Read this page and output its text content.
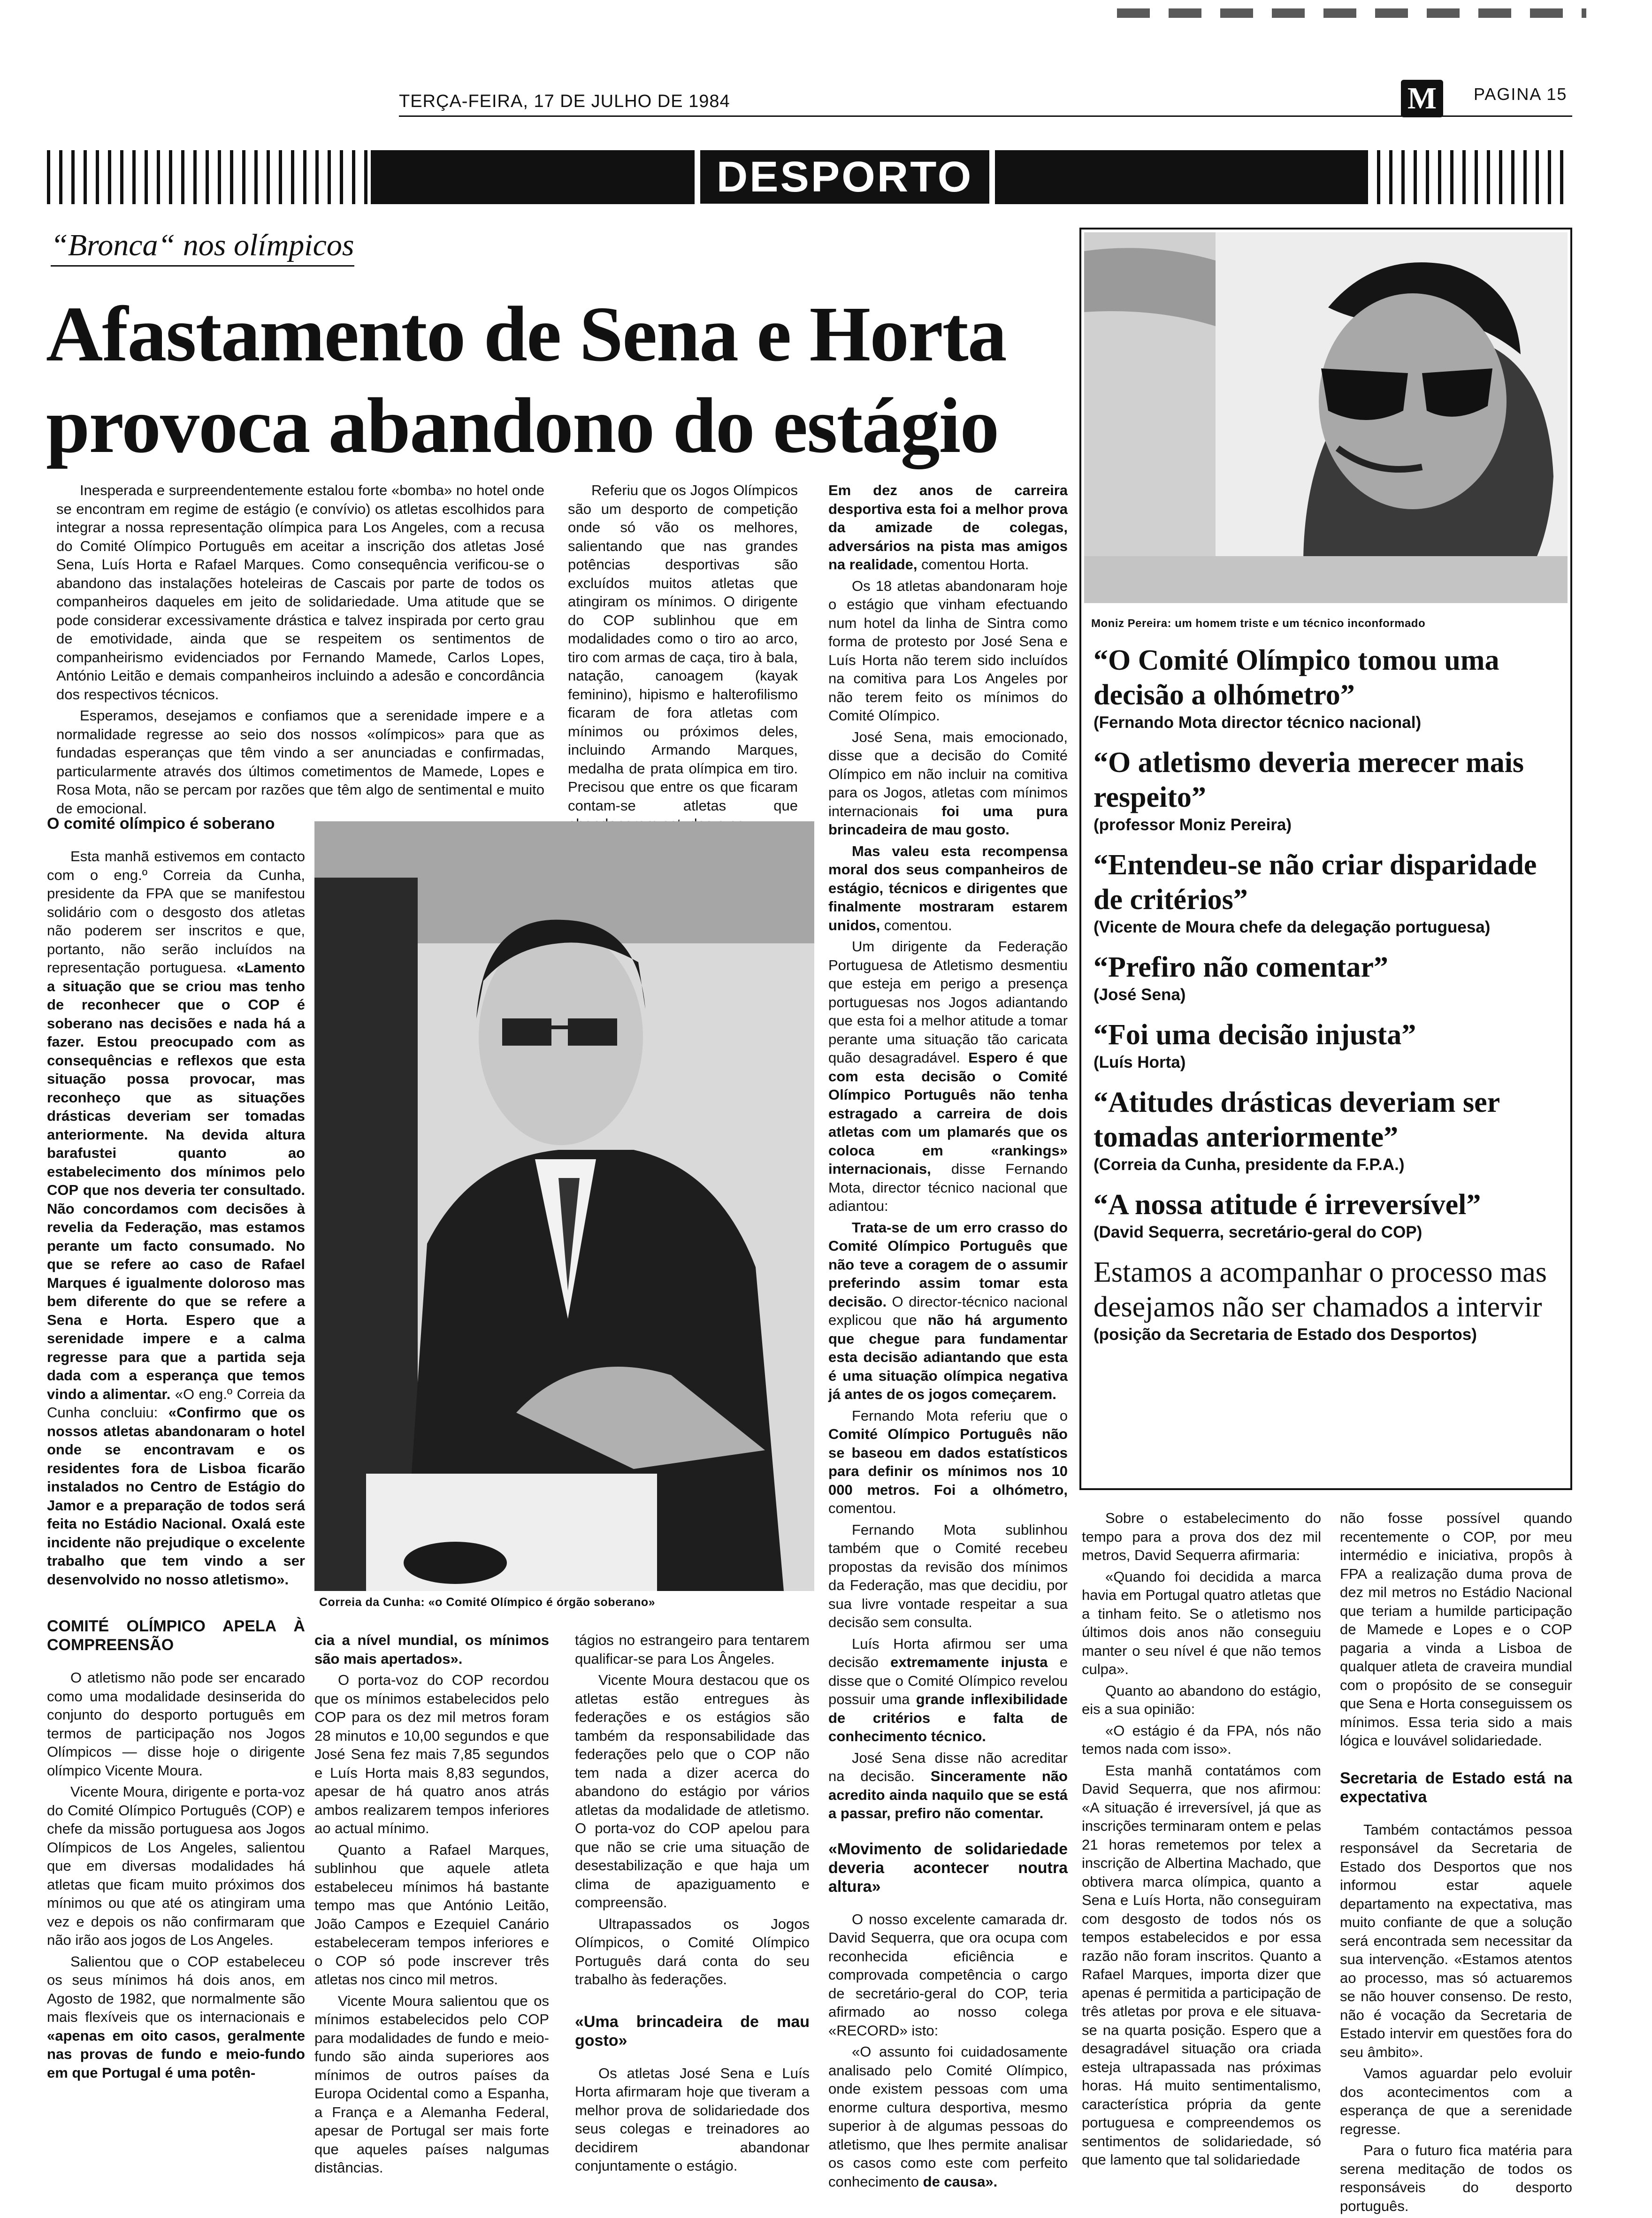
TERÇA-FEIRA, 17 DE JULHO DE 1984	M	PAGINA 15
DESPORTO
“Bronca“ nos olímpicos
Afastamento de Sena e Horta
provoca abandono do estágio

Inesperada e surpreendentemente estalou forte «bomba» no hotel onde se encontram em regime de estágio (e convívio) os atletas escolhidos para integrar a nossa representação olímpica para Los Angeles, com a recusa do Comité Olímpico Português em aceitar a inscrição dos atletas José Sena, Luís Horta e Rafael Marques. Como consequência verificou-se o abandono das instalações hoteleiras de Cascais por parte de todos os companheiros daqueles em jeito de solidariedade. Uma atitude que se pode considerar excessivamente drástica e talvez inspirada por certo grau de emotividade, ainda que se respeitem os sentimentos de companheirismo evidenciados por Fernando Mamede, Carlos Lopes, António Leitão e demais companheiros incluindo a adesão e concordância dos respectivos técnicos.

Esperamos, desejamos e confiamos que a serenidade impere e a normalidade regresse ao seio dos nossos «olímpicos» para que as fundadas esperanças que têm vindo a ser anunciadas e confirmadas, particularmente através dos últimos cometimentos de Mamede, Lopes e Rosa Mota, não se percam por razões que têm algo de sentimental e muito de emocional.

Referiu que os Jogos Olímpicos são um desporto de competição onde só vão os melhores, salientando que nas grandes potências desportivas são excluídos muitos atletas que atingiram os mínimos. O dirigente do COP sublinhou que em modalidades como o tiro ao arco, tiro com armas de caça, tiro à bala, natação, canoagem (kayak feminino), hipismo e halterofilismo ficaram de fora atletas com mínimos ou próximos deles, incluindo Armando Marques, medalha de prata olímpica em tiro. Precisou que entre os que ficaram contam-se atletas que

O comité olímpico é soberano

Esta manhã estivemos em contacto com o eng.º Correia da Cunha, presidente da FPA que se manifestou solidário com o desgosto dos atletas não poderem ser inscritos e que, portanto, não serão incluídos na representação portuguesa. «Lamento a situação que se criou mas tenho de reconhecer que o COP é soberano nas decisões e nada há a fazer. Estou preocupado com as consequências e reflexos que esta situação possa provocar, mas reconheço que as situações drásticas deveriam ser tomadas anteriormente. Na devida altura barafustei quanto ao estabelecimento dos mínimos pelo COP que nos deveria ter consultado. Não concordamos com decisões à revelia da Federação, mas estamos perante um facto consumado. No que se refere ao caso de Rafael Marques é igualmente doloroso mas bem diferente do que se refere a Sena e Horta. Espero que a serenidade impere e a calma regresse para que a partida seja dada com a esperança que temos vindo a alimentar. «O eng.º Correia da Cunha concluiu: «Confirmo que os nossos atletas abandonaram o hotel onde se encontravam e os residentes fora de Lisboa ficarão instalados no Centro de Estágio do Jamor e a preparação de todos será feita no Estádio Nacional. Oxalá este incidente não prejudique o excelente trabalho que tem vindo a ser desenvolvido no nosso atletismo».

COMITÉ OLÍMPICO APELA À COMPREENSÃO

O atletismo não pode ser encarado como uma modalidade desinserida do conjunto do desporto português em termos de participação nos Jogos Olímpicos — disse hoje o dirigente olímpico Vicente Moura.

Vicente Moura, dirigente e porta-voz do Comité Olímpico Português (COP) e chefe da missão portuguesa aos Jogos Olímpicos de Los Angeles, salientou que em diversas modalidades há atletas que ficam muito próximos dos mínimos ou que até os atingiram uma vez e depois os não confirmaram que não irão aos jogos de Los Angeles.

Salientou que o COP estabeleceu os seus mínimos há dois anos, em Agosto de 1982, que normalmente são mais flexíveis que os internacionais e «apenas em oito casos, geralmente nas provas de fundo e meio-fundo em que Portugal é uma potên-

Correia da Cunha: «o Comité Olímpico é órgão soberano»

cia a nível mundial, os mínimos são mais apertados».

O porta-voz do COP recordou que os mínimos estabelecidos pelo COP para os dez mil metros foram 28 minutos e 10,00 segundos e que José Sena fez mais 7,85 segundos e Luís Horta mais 8,83 segundos, apesar de há quatro anos atrás ambos realizarem tempos inferiores ao actual mínimo.

Quanto a Rafael Marques, sublinhou que aquele atleta estabeleceu mínimos há bastante tempo mas que António Leitão, João Campos e Ezequiel Canário estabeleceram tempos inferiores e o COP só pode inscrever três atletas nos cinco mil metros.

Vicente Moura salientou que os mínimos estabelecidos pelo COP para modalidades de fundo e meio-fundo são ainda superiores aos mínimos de outros países da Europa Ocidental como a Espanha, a França e a Alemanha Federal, apesar de Portugal ser mais forte que aqueles países nalgumas distâncias.

tágios no estrangeiro para tentarem qualificar-se para Los Ângeles.

Vicente Moura destacou que os atletas estão entregues às federações e os estágios são também da responsabilidade das federações pelo que o COP não tem nada a dizer acerca do abandono do estágio por vários atletas da modalidade de atletismo. O porta-voz do COP apelou para que não se crie uma situação de desestabilização e que haja um clima de apaziguamento e compreensão.

Ultrapassados os Jogos Olímpicos, o Comité Olímpico Português dará conta do seu trabalho às federações.

«Uma brincadeira de mau gosto»

Os atletas José Sena e Luís Horta afirmaram hoje que tiveram a melhor prova de solidariedade dos seus colegas e treinadores ao decidirem abandonar conjuntamente o estágio.

Em dez anos de carreira desportiva esta foi a melhor prova da amizade de colegas, adversários na pista mas amigos na realidade, comentou Horta.

Os 18 atletas abandonaram hoje o estágio que vinham efectuando num hotel da linha de Sintra como forma de protesto por José Sena e Luís Horta não terem sido incluídos na comitiva para Los Angeles por não terem feito os mínimos do Comité Olímpico.

José Sena, mais emocionado, disse que a decisão do Comité Olímpico em não incluir na comitiva para os Jogos, atletas com mínimos internacionais foi uma pura brincadeira de mau gosto.

Mas valeu esta recompensa moral dos seus companheiros de estágio, técnicos e dirigentes que finalmente mostraram estarem unidos, comentou.

Um dirigente da Federação Portuguesa de Atletismo desmentiu que esteja em perigo a presença portuguesas nos Jogos adiantando que esta foi a melhor atitude a tomar perante uma situação tão caricata quão desagradável. Espero é que com esta decisão o Comité Olímpico Português não tenha estragado a carreira de dois atletas com um plamarés que os coloca em «rankings» internacionais, disse Fernando Mota, director técnico nacional que adiantou:

Trata-se de um erro crasso do Comité Olímpico Português que não teve a coragem de o assumir preferindo assim tomar esta decisão. O director-técnico nacional explicou que não há argumento que chegue para fundamentar esta decisão adiantando que esta é uma situação olímpica negativa já antes de os jogos começarem.

Fernando Mota referiu que o Comité Olímpico Português não se baseou em dados estatísticos para definir os mínimos nos 10 000 metros. Foi a olhómetro, comentou.

Fernando Mota sublinhou também que o Comité recebeu propostas da revisão dos mínimos da Federação, mas que decidiu, por sua livre vontade respeitar a sua decisão sem consulta.

Luís Horta afirmou ser uma decisão extremamente injusta e disse que o Comité Olímpico revelou possuir uma grande inflexibilidade de critérios e falta de conhecimento técnico.

José Sena disse não acreditar na decisão. Sinceramente não acredito ainda naquilo que se está a passar, prefiro não comentar.

«Movimento de solidariedade deveria acontecer noutra altura»

O nosso excelente camarada dr. David Sequerra, que ora ocupa com reconhecida eficiência e comprovada competência o cargo de secretário-geral do COP, teria afirmado ao nosso colega «RECORD» isto:

«O assunto foi cuidadosamente analisado pelo Comité Olímpico, onde existem pessoas com uma enorme cultura desportiva, mesmo superior à de algumas pessoas do atletismo, que lhes permite analisar os casos como este com perfeito conhecimento de causa».

Moniz Pereira: um homem triste e um técnico inconformado
“O Comité Olímpico tomou uma decisão a olhómetro”
(Fernando Mota director técnico nacional)
“O atletismo deveria merecer mais respeito”
(professor Moniz Pereira)
“Entendeu-se não criar disparidade de critérios”
(Vicente de Moura chefe da delegação portuguesa)
“Prefiro não comentar”
(José Sena)
“Foi uma decisão injusta”
(Luís Horta)
“Atitudes drásticas deveriam ser tomadas anteriormente”
(Correia da Cunha, presidente da F.P.A.)
“A nossa atitude é irreversível”
(David Sequerra, secretário-geral do COP)
Estamos a acompanhar o processo mas desejamos não ser chamados a intervir
(posição da Secretaria de Estado dos Desportos)

Sobre o estabelecimento do tempo para a prova dos dez mil metros, David Sequerra afirmaria:

«Quando foi decidida a marca havia em Portugal quatro atletas que a tinham feito. Se o atletismo nos últimos dois anos não conseguiu manter o seu nível é que não temos culpa».

Quanto ao abandono do estágio, eis a sua opinião:

«O estágio é da FPA, nós não temos nada com isso».

Esta manhã contatámos com David Sequerra, que nos afirmou: «A situação é irreversível, já que as inscrições terminaram ontem e pelas 21 horas remetemos por telex a inscrição de Albertina Machado, que obtivera marca olímpica, quanto a Sena e Luís Horta, não conseguiram com desgosto de todos nós os tempos estabelecidos e por essa razão não foram inscritos. Quanto a Rafael Marques, importa dizer que apenas é permitida a participação de três atletas por prova e ele situava-se na quarta posição. Espero que a desagradável situação ora criada esteja ultrapassada nas próximas horas. Há muito sentimentalismo, característica própria da gente portuguesa e compreendemos os sentimentos de solidariedade, só que lamento que tal solidariedade

não fosse possível quando recentemente o COP, por meu intermédio e iniciativa, propôs à FPA a realização duma prova de dez mil metros no Estádio Nacional que teriam a humilde participação de Mamede e Lopes e o COP pagaria a vinda a Lisboa de qualquer atleta de craveira mundial com o propósito de se conseguir que Sena e Horta conseguissem os mínimos. Essa teria sido a mais lógica e louvável solidariedade.

Secretaria de Estado está na expectativa

Também contactámos pessoa responsável da Secretaria de Estado dos Desportos que nos informou estar aquele departamento na expectativa, mas muito confiante de que a solução será encontrada sem necessitar da sua intervenção. «Estamos atentos ao processo, mas só actuaremos se não houver consenso. De resto, não é vocação da Secretaria de Estado intervir em questões fora do seu âmbito».

Vamos aguardar pelo evoluir dos acontecimentos com a esperança de que a serenidade regresse.

Para o futuro fica matéria para serena meditação de todos os responsáveis do desporto português.
